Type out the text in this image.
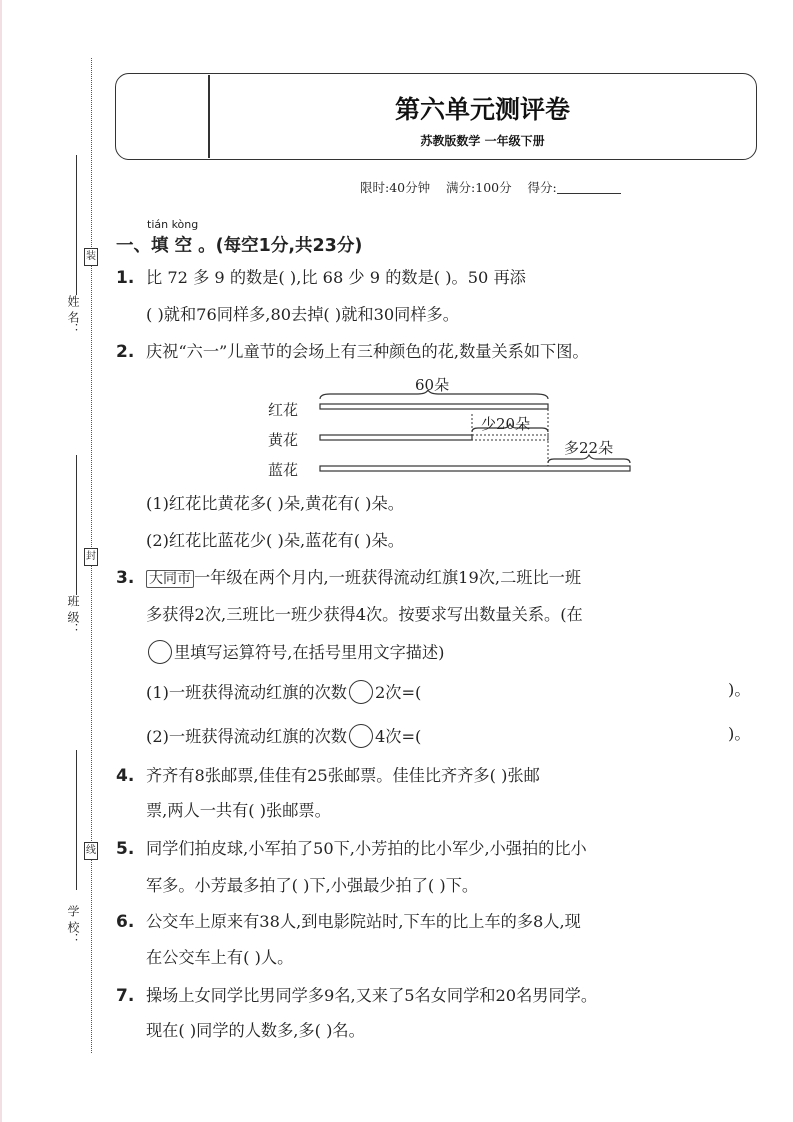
姓 名：
装
班 级：
封
学 校：
线
第六单元测评卷
苏教版数学 一年级下册
限时:40分钟 满分:100分 得分:
tián kòng
一、填 空 。(每空1分,共23分)
1. 比 72 多 9 的数是( ),比 68 少 9 的数是( )。50 再添
( )就和76同样多,80去掉( )就和30同样多。
2. 庆祝“六一”儿童节的会场上有三种颜色的花,数量关系如下图。
红花
黄花
蓝花
60朵
少20朵
多22朵
(1)红花比黄花多( )朵,黄花有( )朵。
(2)红花比蓝花少( )朵,蓝花有( )朵。
3.	大同市 一年级在两个月内,一班获得流动红旗19次,二班比一班
多获得2次,三班比一班少获得4次。按要求写出数量关系。(在
里填写运算符号,在括号里用文字描述)
(1)一班获得流动红旗的次数 2次=(	)。
(2)一班获得流动红旗的次数 4次=(	)。
4. 齐齐有8张邮票,佳佳有25张邮票。佳佳比齐齐多( )张邮
票,两人一共有( )张邮票。
5. 同学们拍皮球,小军拍了50下,小芳拍的比小军少,小强拍的比小
军多。小芳最多拍了( )下,小强最少拍了( )下。
6. 公交车上原来有38人,到电影院站时,下车的比上车的多8人,现
在公交车上有( )人。
7. 操场上女同学比男同学多9名,又来了5名女同学和20名男同学。
现在( )同学的人数多,多( )名。
